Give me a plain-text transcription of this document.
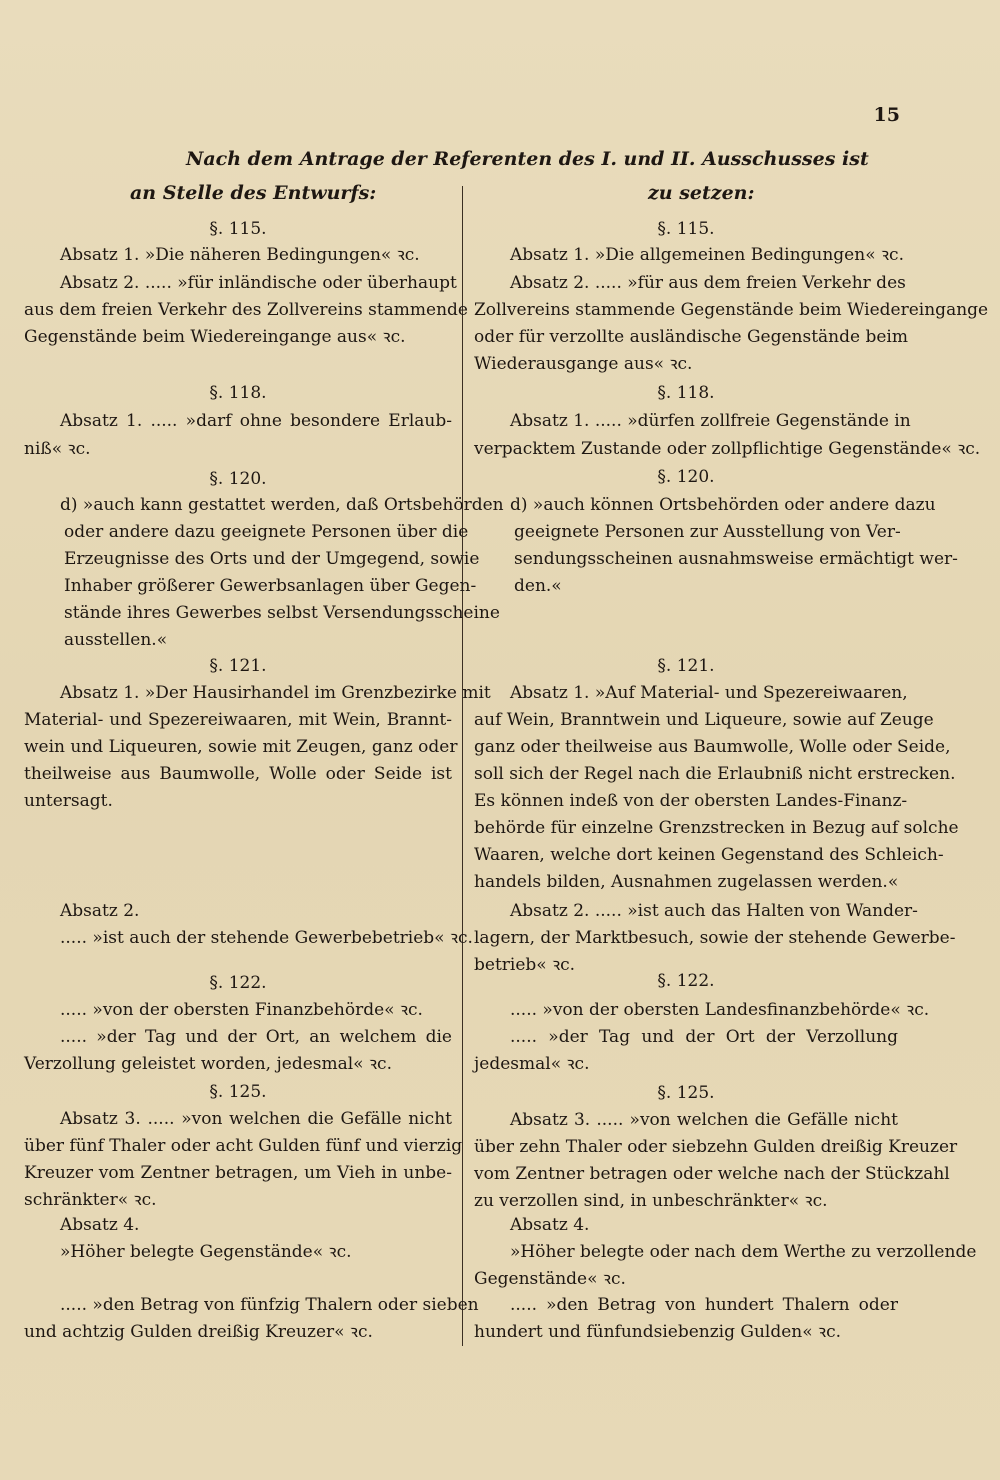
15
Nach dem Antrage der Referenten des I. und II. Ausschusses ist
an Stelle des Entwurfs:	zu setzen:
§. 115.
Absatz 1. »Die näheren Bedingungen« ꝛc.
Absatz 2. ..... »für inländische oder überhaupt
aus dem freien Verkehr des Zollvereins stammende
Gegenstände beim Wiedereingange aus« ꝛc.
§. 118.
Absatz 1. ..... »darf ohne besondere Erlaub-
niß« ꝛc.
§. 120.
d) »auch kann gestattet werden, daß Ortsbehörden
oder andere dazu geeignete Personen über die
Erzeugnisse des Orts und der Umgegend, sowie
Inhaber größerer Gewerbsanlagen über Gegen-
stände ihres Gewerbes selbst Versendungsscheine
ausstellen.«
§. 121.
Absatz 1. »Der Hausirhandel im Grenzbezirke mit
Material- und Spezereiwaaren, mit Wein, Brannt-
wein und Liqueuren, sowie mit Zeugen, ganz oder
theilweise aus Baumwolle, Wolle oder Seide ist
untersagt.
Absatz 2.
..... »ist auch der stehende Gewerbebetrieb« ꝛc.
§. 122.
..... »von der obersten Finanzbehörde« ꝛc.
..... »der Tag und der Ort, an welchem die
Verzollung geleistet worden, jedesmal« ꝛc.
§. 125.
Absatz 3. ..... »von welchen die Gefälle nicht
über fünf Thaler oder acht Gulden fünf und vierzig
Kreuzer vom Zentner betragen, um Vieh in unbe-
schränkter« ꝛc.
Absatz 4.
»Höher belegte Gegenstände« ꝛc.
..... »den Betrag von fünfzig Thalern oder sieben
und achtzig Gulden dreißig Kreuzer« ꝛc.
§. 115.
Absatz 1. »Die allgemeinen Bedingungen« ꝛc.
Absatz 2. ..... »für aus dem freien Verkehr des
Zollvereins stammende Gegenstände beim Wiedereingange
oder für verzollte ausländische Gegenstände beim
Wiederausgange aus« ꝛc.
§. 118.
Absatz 1. ..... »dürfen zollfreie Gegenstände in
verpacktem Zustande oder zollpflichtige Gegenstände« ꝛc.
§. 120.
d) »auch können Ortsbehörden oder andere dazu
geeignete Personen zur Ausstellung von Ver-
sendungsscheinen ausnahmsweise ermächtigt wer-
den.«
§. 121.
Absatz 1. »Auf Material- und Spezereiwaaren,
auf Wein, Branntwein und Liqueure, sowie auf Zeuge
ganz oder theilweise aus Baumwolle, Wolle oder Seide,
soll sich der Regel nach die Erlaubniß nicht erstrecken.
Es können indeß von der obersten Landes-Finanz-
behörde für einzelne Grenzstrecken in Bezug auf solche
Waaren, welche dort keinen Gegenstand des Schleich-
handels bilden, Ausnahmen zugelassen werden.«
Absatz 2. ..... »ist auch das Halten von Wander-
lagern, der Marktbesuch, sowie der stehende Gewerbe-
betrieb« ꝛc.
§. 122.
..... »von der obersten Landesfinanzbehörde« ꝛc.
..... »der Tag und der Ort der Verzollung
jedesmal« ꝛc.
§. 125.
Absatz 3. ..... »von welchen die Gefälle nicht
über zehn Thaler oder siebzehn Gulden dreißig Kreuzer
vom Zentner betragen oder welche nach der Stückzahl
zu verzollen sind, in unbeschränkter« ꝛc.
Absatz 4.
»Höher belegte oder nach dem Werthe zu verzollende
Gegenstände« ꝛc.
..... »den Betrag von hundert Thalern oder
hundert und fünfundsiebenzig Gulden« ꝛc.
